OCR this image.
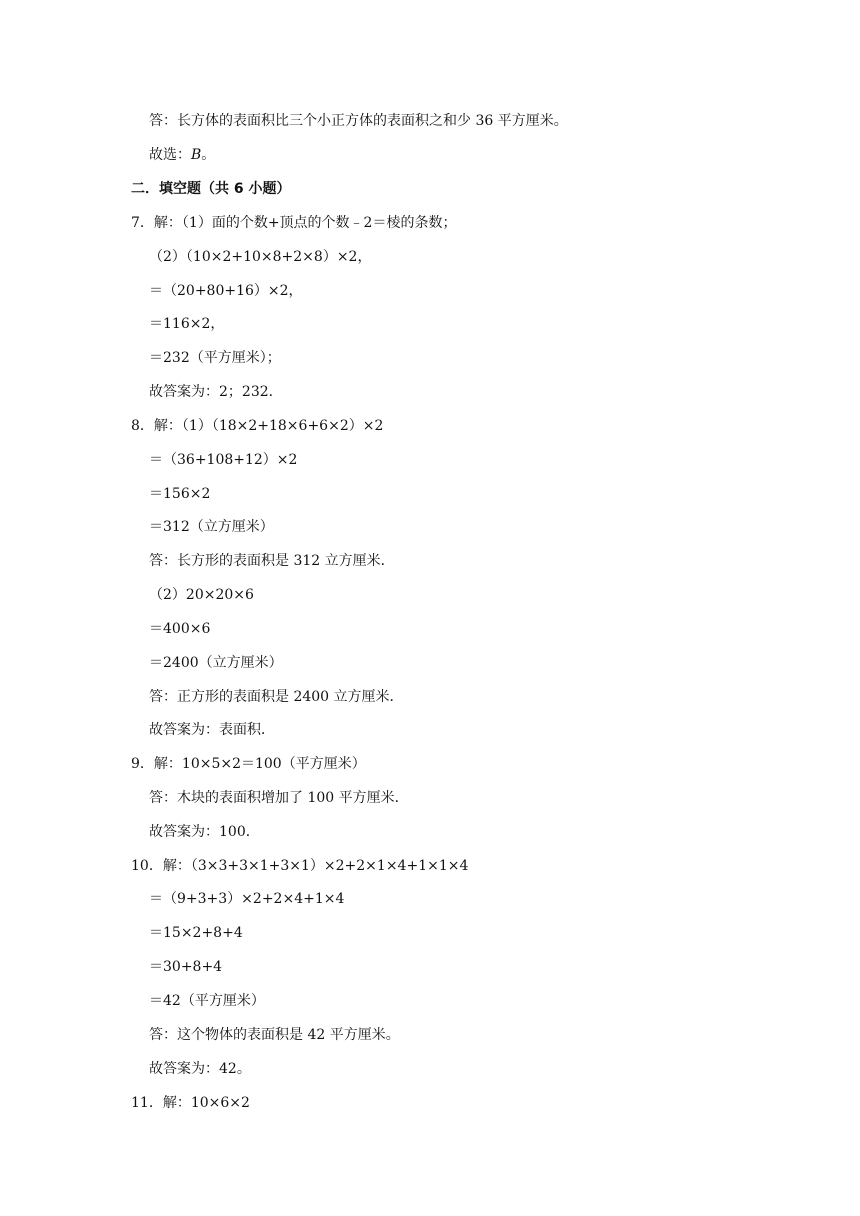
答：长方体的表面积比三个小正方体的表面积之和少 36 平方厘米。
故选：B。
二．填空题（共 6 小题）
7．解：（1）面的个数+顶点的个数﹣2＝棱的条数；
（2）（10×2+10×8+2×8）×2，
＝（20+80+16）×2，
＝116×2，
＝232（平方厘米）；
故答案为：2；232．
8．解：（1）（18×2+18×6+6×2）×2
＝（36+108+12）×2
＝156×2
＝312（立方厘米）
答：长方形的表面积是 312 立方厘米．
（2）20×20×6
＝400×6
＝2400（立方厘米）
答：正方形的表面积是 2400 立方厘米．
故答案为：表面积．
9．解：10×5×2＝100（平方厘米）
答：木块的表面积增加了 100 平方厘米．
故答案为：100．
10．解：（3×3+3×1+3×1）×2+2×1×4+1×1×4
＝（9+3+3）×2+2×4+1×4
＝15×2+8+4
＝30+8+4
＝42（平方厘米）
答：这个物体的表面积是 42 平方厘米。
故答案为：42。
11．解：10×6×2
